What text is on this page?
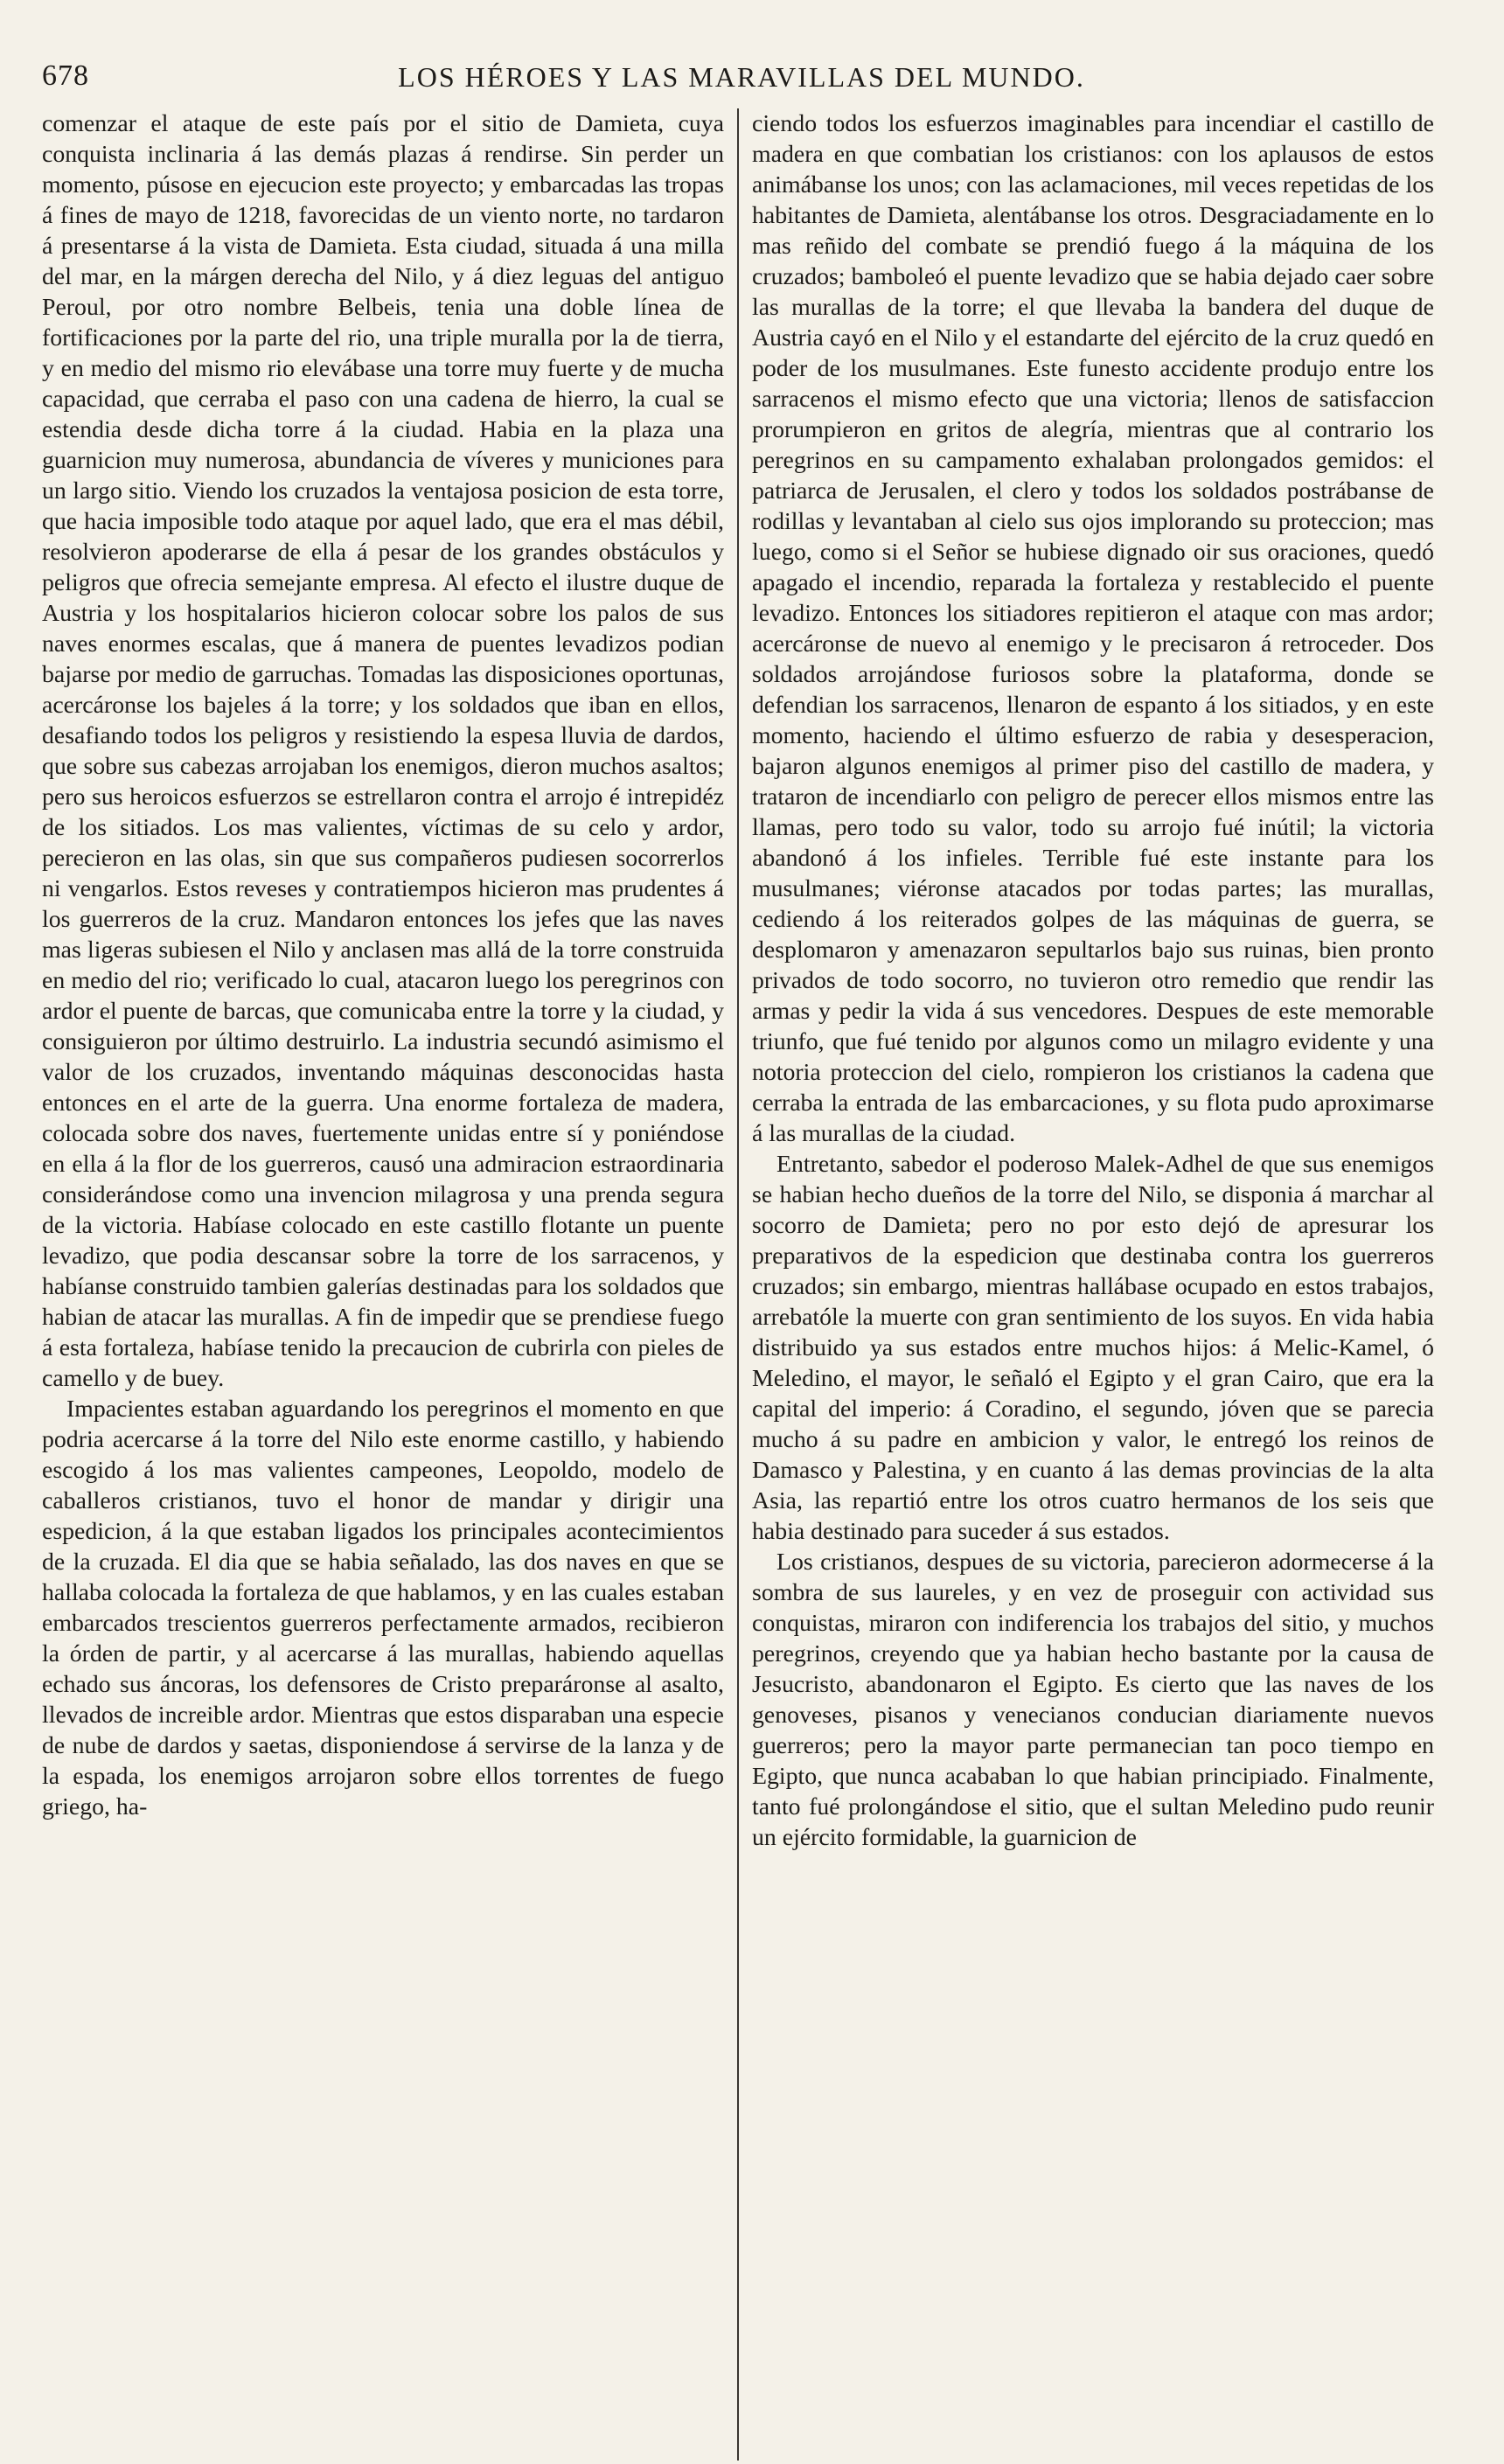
678	LOS HÉROES Y LAS MARAVILLAS DEL MUNDO.

comenzar el ataque de este país por el sitio de Damieta, cuya conquista inclinaria á las demás plazas á rendirse. Sin perder un momento, púsose en ejecucion este proyecto; y embarcadas las tropas á fines de mayo de 1218, favorecidas de un viento norte, no tardaron á presentarse á la vista de Damieta. Esta ciudad, situada á una milla del mar, en la márgen derecha del Nilo, y á diez leguas del antiguo Peroul, por otro nombre Belbeis, tenia una doble línea de fortificaciones por la parte del rio, una triple muralla por la de tierra, y en medio del mismo rio elevábase una torre muy fuerte y de mucha capacidad, que cerraba el paso con una cadena de hierro, la cual se estendia desde dicha torre á la ciudad. Habia en la plaza una guarnicion muy numerosa, abundancia de víveres y municiones para un largo sitio. Viendo los cruzados la ventajosa posicion de esta torre, que hacia imposible todo ataque por aquel lado, que era el mas débil, resolvieron apoderarse de ella á pesar de los grandes obstáculos y peligros que ofrecia semejante empresa. Al efecto el ilustre duque de Austria y los hospitalarios hicieron colocar sobre los palos de sus naves enormes escalas, que á manera de puentes levadizos podian bajarse por medio de garruchas. Tomadas las disposiciones oportunas, acercáronse los bajeles á la torre; y los soldados que iban en ellos, desafiando todos los peligros y resistiendo la espesa lluvia de dardos, que sobre sus cabezas arrojaban los enemigos, dieron muchos asaltos; pero sus heroicos esfuerzos se estrellaron contra el arrojo é intrepidéz de los sitiados. Los mas valientes, víctimas de su celo y ardor, perecieron en las olas, sin que sus compañeros pudiesen socorrerlos ni vengarlos. Estos reveses y contratiempos hicieron mas prudentes á los guerreros de la cruz. Mandaron entonces los jefes que las naves mas ligeras subiesen el Nilo y anclasen mas allá de la torre construida en medio del rio; verificado lo cual, atacaron luego los peregrinos con ardor el puente de barcas, que comunicaba entre la torre y la ciudad, y consiguieron por último destruirlo. La industria secundó asimismo el valor de los cruzados, inventando máquinas desconocidas hasta entonces en el arte de la guerra. Una enorme fortaleza de madera, colocada sobre dos naves, fuertemente unidas entre sí y poniéndose en ella á la flor de los guerreros, causó una admiracion estraordinaria considerándose como una invencion milagrosa y una prenda segura de la victoria. Habíase colocado en este castillo flotante un puente levadizo, que podia descansar sobre la torre de los sarracenos, y habíanse construido tambien galerías destinadas para los soldados que habian de atacar las murallas. A fin de impedir que se prendiese fuego á esta fortaleza, habíase tenido la precaucion de cubrirla con pieles de camello y de buey.

Impacientes estaban aguardando los peregrinos el momento en que podria acercarse á la torre del Nilo este enorme castillo, y habiendo escogido á los mas valientes campeones, Leopoldo, modelo de caballeros cristianos, tuvo el honor de mandar y dirigir una espedicion, á la que estaban ligados los principales acontecimientos de la cruzada. El dia que se habia señalado, las dos naves en que se hallaba colocada la fortaleza de que hablamos, y en las cuales estaban embarcados trescientos guerreros perfectamente armados, recibieron la órden de partir, y al acercarse á las murallas, habiendo aquellas echado sus áncoras, los defensores de Cristo preparáronse al asalto, llevados de increible ardor. Mientras que estos disparaban una especie de nube de dardos y saetas, disponiendose á servirse de la lanza y de la espada, los enemigos arrojaron sobre ellos torrentes de fuego griego, ha-

ciendo todos los esfuerzos imaginables para incendiar el castillo de madera en que combatian los cristianos: con los aplausos de estos animábanse los unos; con las aclamaciones, mil veces repetidas de los habitantes de Damieta, alentábanse los otros. Desgraciadamente en lo mas reñido del combate se prendió fuego á la máquina de los cruzados; bamboleó el puente levadizo que se habia dejado caer sobre las murallas de la torre; el que llevaba la bandera del duque de Austria cayó en el Nilo y el estandarte del ejército de la cruz quedó en poder de los musulmanes. Este funesto accidente produjo entre los sarracenos el mismo efecto que una victoria; llenos de satisfaccion prorumpieron en gritos de alegría, mientras que al contrario los peregrinos en su campamento exhalaban prolongados gemidos: el patriarca de Jerusalen, el clero y todos los soldados postrábanse de rodillas y levantaban al cielo sus ojos implorando su proteccion; mas luego, como si el Señor se hubiese dignado oir sus oraciones, quedó apagado el incendio, reparada la fortaleza y restablecido el puente levadizo. Entonces los sitiadores repitieron el ataque con mas ardor; acercáronse de nuevo al enemigo y le precisaron á retroceder. Dos soldados arrojándose furiosos sobre la plataforma, donde se defendian los sarracenos, llenaron de espanto á los sitiados, y en este momento, haciendo el último esfuerzo de rabia y desesperacion, bajaron algunos enemigos al primer piso del castillo de madera, y trataron de incendiarlo con peligro de perecer ellos mismos entre las llamas, pero todo su valor, todo su arrojo fué inútil; la victoria abandonó á los infieles. Terrible fué este instante para los musulmanes; viéronse atacados por todas partes; las murallas, cediendo á los reiterados golpes de las máquinas de guerra, se desplomaron y amenazaron sepultarlos bajo sus ruinas, bien pronto privados de todo socorro, no tuvieron otro remedio que rendir las armas y pedir la vida á sus vencedores. Despues de este memorable triunfo, que fué tenido por algunos como un milagro evidente y una notoria proteccion del cielo, rompieron los cristianos la cadena que cerraba la entrada de las embarcaciones, y su flota pudo aproximarse á las murallas de la ciudad.

Entretanto, sabedor el poderoso Malek-Adhel de que sus enemigos se habian hecho dueños de la torre del Nilo, se disponia á marchar al socorro de Damieta; pero no por esto dejó de apresurar los preparativos de la espedicion que destinaba contra los guerreros cruzados; sin embargo, mientras hallábase ocupado en estos trabajos, arrebatóle la muerte con gran sentimiento de los suyos. En vida habia distribuido ya sus estados entre muchos hijos: á Melic-Kamel, ó Meledino, el mayor, le señaló el Egipto y el gran Cairo, que era la capital del imperio: á Coradino, el segundo, jóven que se parecia mucho á su padre en ambicion y valor, le entregó los reinos de Damasco y Palestina, y en cuanto á las demas provincias de la alta Asia, las repartió entre los otros cuatro hermanos de los seis que habia destinado para suceder á sus estados.

Los cristianos, despues de su victoria, parecieron adormecerse á la sombra de sus laureles, y en vez de proseguir con actividad sus conquistas, miraron con indiferencia los trabajos del sitio, y muchos peregrinos, creyendo que ya habian hecho bastante por la causa de Jesucristo, abandonaron el Egipto. Es cierto que las naves de los genoveses, pisanos y venecianos conducian diariamente nuevos guerreros; pero la mayor parte permanecian tan poco tiempo en Egipto, que nunca acababan lo que habian principiado. Finalmente, tanto fué prolongándose el sitio, que el sultan Meledino pudo reunir un ejército formidable, la guarnicion de
